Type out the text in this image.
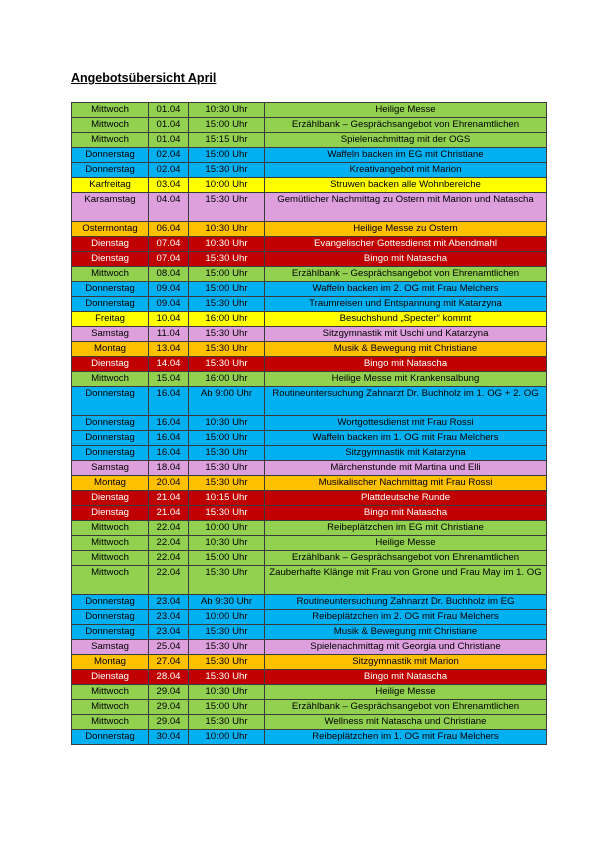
Angebotsübersicht April
Mittwoch	01.04	10:30 Uhr	Heilige Messe
Mittwoch	01.04	15:00 Uhr	Erzählbank – Gesprächsangebot von Ehrenamtlichen
Mittwoch	01.04	15:15 Uhr	Spielenachmittag mit der OGS
Donnerstag	02.04	15:00 Uhr	Waffeln backen im EG mit Christiane
Donnerstag	02.04	15:30 Uhr	Kreativangebot mit Marion
Karfreitag	03.04	10:00 Uhr	Struwen backen alle Wohnbereiche
Karsamstag	04.04	15:30 Uhr	Gemütlicher Nachmittag zu Ostern mit Marion und Natascha
Ostermontag	06.04	10:30 Uhr	Heilige Messe zu Ostern
Dienstag	07.04	10:30 Uhr	Evangelischer Gottesdienst mit Abendmahl
Dienstag	07.04	15:30 Uhr	Bingo mit Natascha
Mittwoch	08.04	15:00 Uhr	Erzählbank – Gesprächsangebot von Ehrenamtlichen
Donnerstag	09.04	15:00 Uhr	Waffeln backen im 2. OG mit Frau Melchers
Donnerstag	09.04	15:30 Uhr	Traumreisen und Entspannung mit Katarzyna
Freitag	10.04	16:00 Uhr	Besuchshund „Specter“ kommt
Samstag	11.04	15:30 Uhr	Sitzgymnastik mit Uschi und Katarzyna
Montag	13.04	15:30 Uhr	Musik & Bewegung mit Christiane
Dienstag	14.04	15:30 Uhr	Bingo mit Natascha
Mittwoch	15.04	16:00 Uhr	Heilige Messe mit Krankensalbung
Donnerstag	16.04	Ab 9:00 Uhr	Routineuntersuchung Zahnarzt Dr. Buchholz im 1. OG + 2. OG
Donnerstag	16.04	10:30 Uhr	Wortgottesdienst mit Frau Rossi
Donnerstag	16.04	15:00 Uhr	Waffeln backen im 1. OG mit Frau Melchers
Donnerstag	16.04	15:30 Uhr	Sitzgymnastik mit Katarzyna
Samstag	18.04	15:30 Uhr	Märchenstunde mit Martina und Elli
Montag	20.04	15:30 Uhr	Musikalischer Nachmittag mit Frau Rossi
Dienstag	21.04	10:15 Uhr	Plattdeutsche Runde
Dienstag	21.04	15:30 Uhr	Bingo mit Natascha
Mittwoch	22.04	10:00 Uhr	Reibeplätzchen im EG mit Christiane
Mittwoch	22.04	10:30 Uhr	Heilige Messe
Mittwoch	22.04	15:00 Uhr	Erzählbank – Gesprächsangebot von Ehrenamtlichen
Mittwoch	22.04	15:30 Uhr	Zauberhafte Klänge mit Frau von Grone und Frau May im 1. OG
Donnerstag	23.04	Ab 9:30 Uhr	Routineuntersuchung Zahnarzt Dr. Buchholz im EG
Donnerstag	23.04	10:00 Uhr	Reibeplätzchen im 2. OG mit Frau Melchers
Donnerstag	23.04	15:30 Uhr	Musik & Bewegung mit Christiane
Samstag	25.04	15:30 Uhr	Spielenachmittag mit Georgia und Christiane
Montag	27.04	15:30 Uhr	Sitzgymnastik mit Marion
Dienstag	28.04	15:30 Uhr	Bingo mit Natascha
Mittwoch	29.04	10:30 Uhr	Heilige Messe
Mittwoch	29.04	15:00 Uhr	Erzählbank – Gesprächsangebot von Ehrenamtlichen
Mittwoch	29.04	15:30 Uhr	Wellness mit Natascha und Christiane
Donnerstag	30.04	10:00 Uhr	Reibeplätzchen im 1. OG mit Frau Melchers
